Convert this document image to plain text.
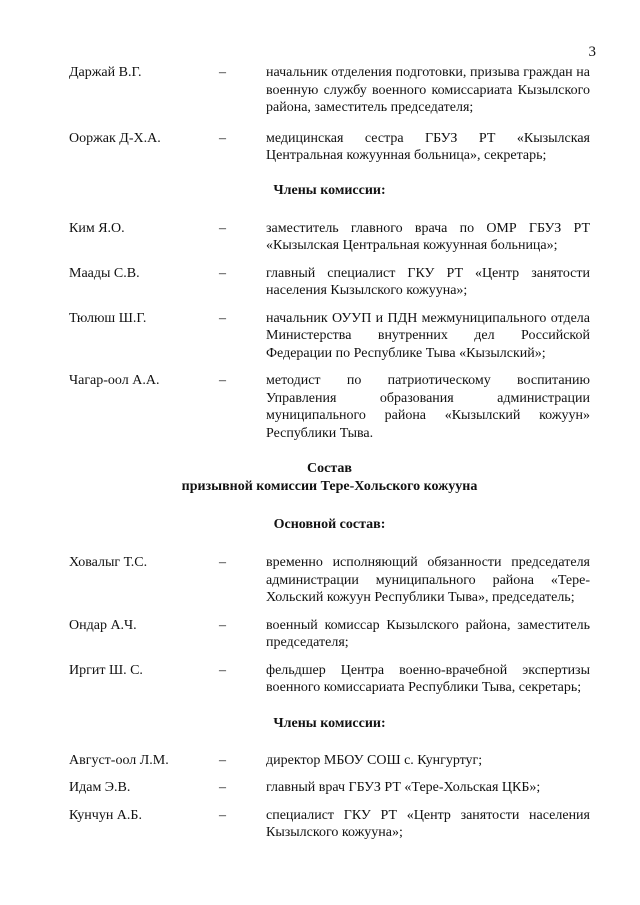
3
Даржай В.Г.	–	начальник отделения подготовки, призыва граждан на военную службу военного комиссариата Кызылского района, заместитель председателя;
Ооржак Д-Х.А.	–	медицинская сестра ГБУЗ РТ «Кызылская Центральная кожуунная больница», секретарь;
Члены комиссии:
Ким Я.О.	–	заместитель главного врача по ОМР ГБУЗ РТ «Кызылская Центральная кожуунная больница»;
Маады С.В.	–	главный специалист ГКУ РТ «Центр занятости населения Кызылского кожууна»;
Тюлюш Ш.Г.	–	начальник ОУУП и ПДН межмуниципального отдела Министерства внутренних дел Российской Федерации по Республике Тыва «Кызылский»;
Чагар-оол А.А.	–	методист по патриотическому воспитанию Управления образования администрации муниципального района «Кызылский кожуун» Республики Тыва.
Состав
призывной комиссии Тере-Хольского кожууна
Основной состав:
Ховалыг Т.С.	–	временно исполняющий обязанности председателя администрации муниципального района «Тере-Хольский кожуун Республики Тыва», председатель;
Ондар А.Ч.	–	военный комиссар Кызылского района, заместитель председателя;
Иргит Ш. С.	–	фельдшер Центра военно-врачебной экспертизы военного комиссариата Республики Тыва, секретарь;
Члены комиссии:
Август-оол Л.М.	–	директор МБОУ СОШ с. Кунгуртуг;
Идам Э.В.	–	главный врач ГБУЗ РТ «Тере-Хольская ЦКБ»;
Кунчун А.Б.	–	специалист ГКУ РТ «Центр занятости населения Кызылского кожууна»;
